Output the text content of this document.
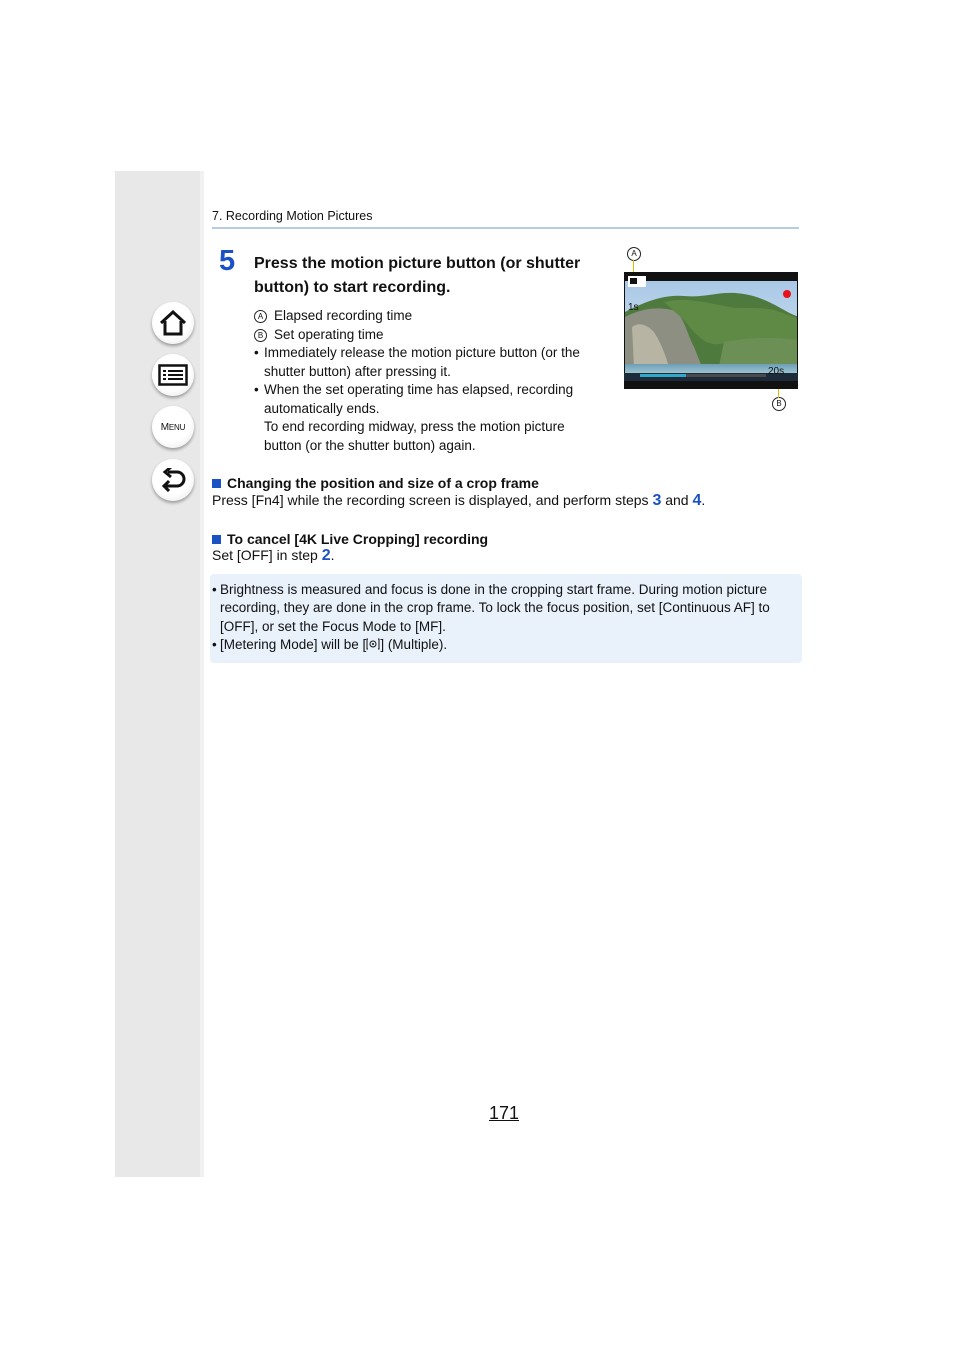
MENU
7. Recording Motion Pictures
5 Press the motion picture button (or shutter button) to start recording.
A Elapsed recording time
B Set operating time
• Immediately release the motion picture button (or the shutter button) after pressing it.
• When the set operating time has elapsed, recording automatically ends.
To end recording midway, press the motion picture button (or the shutter button) again.
A
B
1s
20s
Changing the position and size of a crop frame
Press [Fn4] while the recording screen is displayed, and perform steps 3 and 4.
To cancel [4K Live Cropping] recording
Set [OFF] in step 2.
• Brightness is measured and focus is done in the cropping start frame. During motion picture
recording, they are done in the crop frame. To lock the focus position, set [Continuous AF] to
[OFF], or set the Focus Mode to [MF].
• [Metering Mode] will be [ ] (Multiple).
171
